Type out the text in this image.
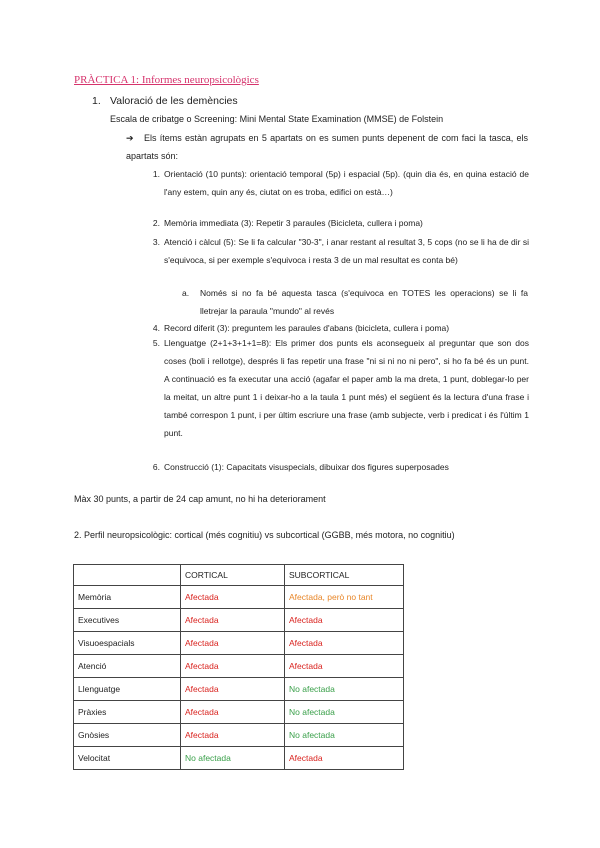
PRÀCTICA 1: Informes neuropsicològics
1. Valoració de les demències
Escala de cribatge o Screening: Mini Mental State Examination (MMSE) de Folstein
➔ Els ítems estàn agrupats en 5 apartats on es sumen punts depenent de com faci la tasca, els apartats són:
1. Orientació (10 punts): orientació temporal (5p) i espacial (5p). (quin dia és, en quina estació de l'any estem, quin any és, ciutat on es troba, edifici on està…)
2. Memòria immediata (3): Repetir 3 paraules (Bicicleta, cullera i poma)
3. Atenció i càlcul (5): Se li fa calcular "30-3", i anar restant al resultat 3, 5 cops (no se li ha de dir si s'equivoca, si per exemple s'equivoca i resta 3 de un mal resultat es conta bé)
a. Només si no fa bé aquesta tasca (s'equivoca en TOTES les operacions) se li fa lletrejar la paraula "mundo" al revés
4. Record diferit (3): preguntem les paraules d'abans (bicicleta, cullera i poma)
5. Llenguatge (2+1+3+1+1=8): Els primer dos punts els aconsegueix al preguntar que son dos coses (boli i rellotge), després li fas repetir una frase "ni si ni no ni pero", si ho fa bé és un punt. A continuació es fa executar una acció (agafar el paper amb la ma dreta, 1 punt, doblegar-lo per la meitat, un altre punt 1 i deixar-ho a la taula 1 punt més) el següent és la lectura d'una frase i també correspon 1 punt, i per últim escriure una frase (amb subjecte, verb i predicat i és l'últim 1 punt.
6. Construcció (1): Capacitats visuspecials, dibuixar dos figures superposades
Màx 30 punts, a partir de 24 cap amunt, no hi ha deteriorament
2. Perfil neuropsicològic: cortical (més cognitiu) vs subcortical (GGBB, més motora, no cognitiu)
	CORTICAL	SUBCORTICAL
Memòria	Afectada	Afectada, però no tant
Executives	Afectada	Afectada
Visuoespacials	Afectada	Afectada
Atenció	Afectada	Afectada
Llenguatge	Afectada	No afectada
Pràxies	Afectada	No afectada
Gnòsies	Afectada	No afectada
Velocitat	No afectada	Afectada
